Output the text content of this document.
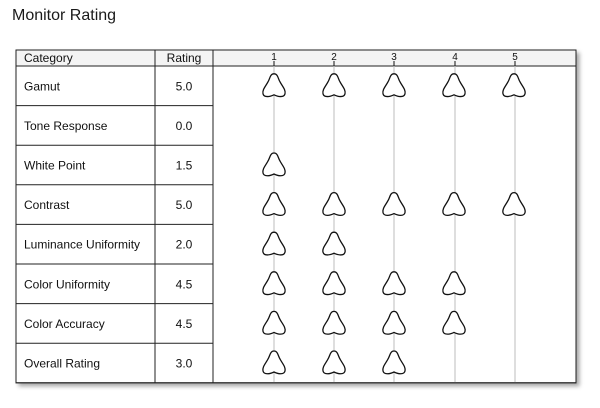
Monitor Rating
Category	Rating	1	2	3	4	5
Gamut	5.0
Tone Response	0.0
White Point	1.5
Contrast	5.0
Luminance Uniformity	2.0
Color Uniformity	4.5
Color Accuracy	4.5
Overall Rating	3.0
